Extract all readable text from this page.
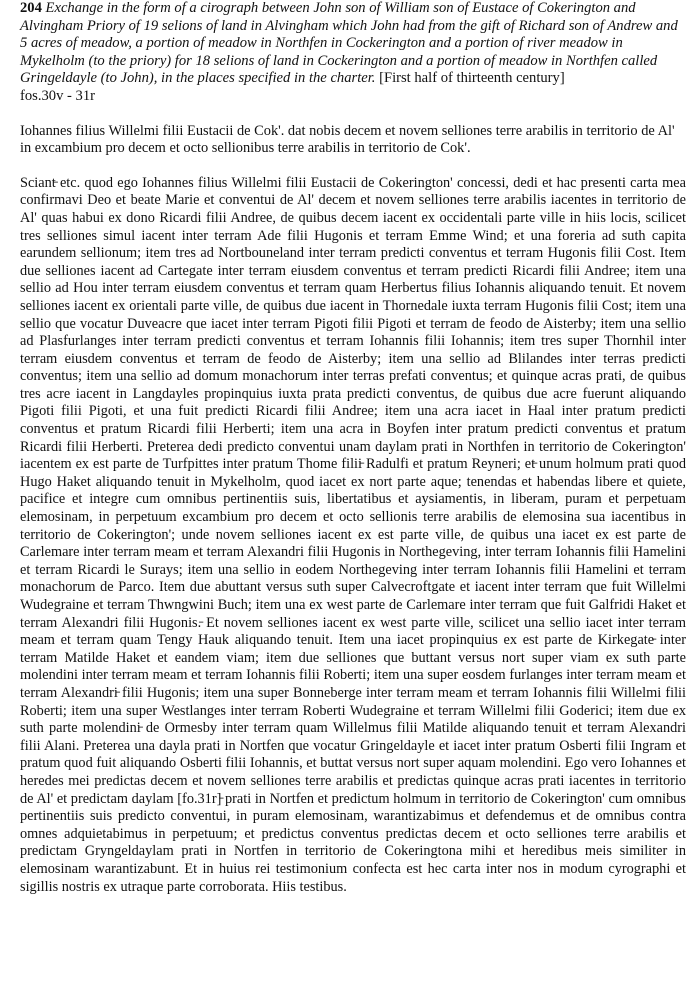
204 Exchange in the form of a cirograph between John son of William son of Eustace of Cokerington and Alvingham Priory of 19 selions of land in Alvingham which John had from the gift of Richard son of Andrew and 5 acres of meadow, a portion of meadow in Northfen in Cockerington and a portion of river meadow in Mykelholm (to the priory) for 18 selions of land in Cockerington and a portion of meadow in Northfen called Gringeldayle (to John), in the places specified in the charter. [First half of thirteenth century]
fos.30v - 31r
Iohannes filius Willelmi filii Eustacii de Cok'. dat nobis decem et novem selliones terre arabilis in territorio de Al' in excambium pro decem et octo sellionibus terre arabilis in territorio de Cok'.
Sciant̵ etc. quod ego Iohannes filius Willelmi filii Eustacii de Cokerington' concessi, dedi et hac presenti carta mea confirmavi Deo et beate Marie et conventui de Al' decem et novem selliones terre arabilis iacentes in territorio de Al' quas habui ex dono Ricardi filii Andree, de quibus decem iacent ex occidentali parte ville in hiis locis, scilicet tres selliones simul iacent inter terram Ade filii Hugonis et terram Emme Wind; et una foreria ad suth capita earundem sellionum; item tres ad Nortbouneland inter terram predicti conventus et terram Hugonis filii Cost. Item due selliones iacent ad Cartegate inter terram eiusdem conventus et terram predicti Ricardi filii Andree; item una sellio ad Hou inter terram eiusdem conventus et terram quam Herbertus filius Iohannis aliquando tenuit. Et novem selliones iacent ex orientali parte ville, de quibus due iacent in Thornedale iuxta terram Hugonis filii Cost; item una sellio que vocatur Duveacre que iacet inter terram Pigoti filii Pigoti et terram de feodo de Aisterby; item una sellio ad Plasfurlanges inter terram predicti conventus et terram Iohannis filii Iohannis; item tres super Thornhil inter terram eiusdem conventus et terram de feodo de Aisterby; item una sellio ad Blilandes inter terras predicti conventus; item una sellio ad domum monachorum inter terras prefati conventus; et quinque acras prati, de quibus tres acre iacent in Langdayles propinquius iuxta prata predicti conventus, de quibus due acre fuerunt aliquando Pigoti filii Pigoti, et una fuit predicti Ricardi filii Andree; item una acra iacet in Haal inter pratum predicti conventus et pratum Ricardi filii Herberti; item una acra in Boyfen inter pratum predicti conventus et pratum Ricardi filii Herberti. Preterea dedi predicto conventui unam daylam prati in Northfen in territorio de Cokerington' iacentem ex est parte de Turfpittes inter pratum Thome filii̵ Radulfi et pratum Reyneri; et̵ unum holmum prati quod Hugo Haket aliquando tenuit in Mykelholm, quod iacet ex nort parte aque; tenendas et habendas libere et quiete, pacifice et integre cum omnibus pertinentiis suis, libertatibus et aysiamentis, in liberam, puram et perpetuam elemosinam, in perpetuum excambium pro decem et octo sellionis terre arabilis de elemosina sua iacentibus in territorio de Cokerington'; unde novem selliones iacent ex est parte ville, de quibus una iacet ex est parte de Carlemare inter terram meam et terram Alexandri filii Hugonis in Northegeving, inter terram Iohannis filii Hamelini et terram Ricardi le Surays; item una sellio in eodem Northegeving inter terram Iohannis filii Hamelini et terram monachorum de Parco. Item due abuttant versus suth super Calvecroftgate et iacent inter terram que fuit Willelmi Wudegraine et terram Thwngwini Buch; item una ex west parte de Carlemare inter terram que fuit Galfridi Haket et terram Alexandri filii Hugonis.̵ Et novem selliones iacent ex west parte ville, scilicet una sellio iacet inter terram meam et terram quam Tengy Hauk aliquando tenuit. Item una iacet propinquius ex est parte de Kirkegate̵ inter terram Matilde Haket et eandem viam; item due selliones que buttant versus nort super viam ex suth parte molendini inter terram meam et terram Iohannis filii Roberti; item una super eosdem furlanges inter terram meam et terram Alexandri̵ filii Hugonis; item una super Bonneberge inter terram meam et terram Iohannis filii Willelmi filii Roberti; item una super Westlanges inter terram Roberti Wudegraine et terram Willelmi filii Goderici; item due ex suth parte molendini̵ de Ormesby inter terram quam Willelmus filii Matilde aliquando tenuit et terram Alexandri filii Alani. Preterea una dayla prati in Nortfen que vocatur Gringeldayle et iacet inter pratum Osberti filii Ingram et pratum quod fuit aliquando Osberti filii Iohannis, et buttat versus nort super aquam molendini. Ego vero Iohannes et heredes mei predictas decem et novem selliones terre arabilis et predictas quinque acras prati iacentes in territorio de Al' et predictam daylam [fo.31r]̵ prati in Nortfen et predictum holmum in territorio de Cokerington' cum omnibus pertinentiis suis predicto conventui, in puram elemosinam, warantizabimus et defendemus et de omnibus contra omnes adquietabimus in perpetuum; et predictus conventus predictas decem et octo selliones terre arabilis et predictam Gryngeldaylam prati in Nortfen in territorio de Cokeringtona mihi et heredibus meis similiter in elemosinam warantizabunt. Et in huius rei testimonium confecta est hec carta inter nos in modum cyrographi et sigillis nostris ex utraque parte corroborata. Hiis testibus.
